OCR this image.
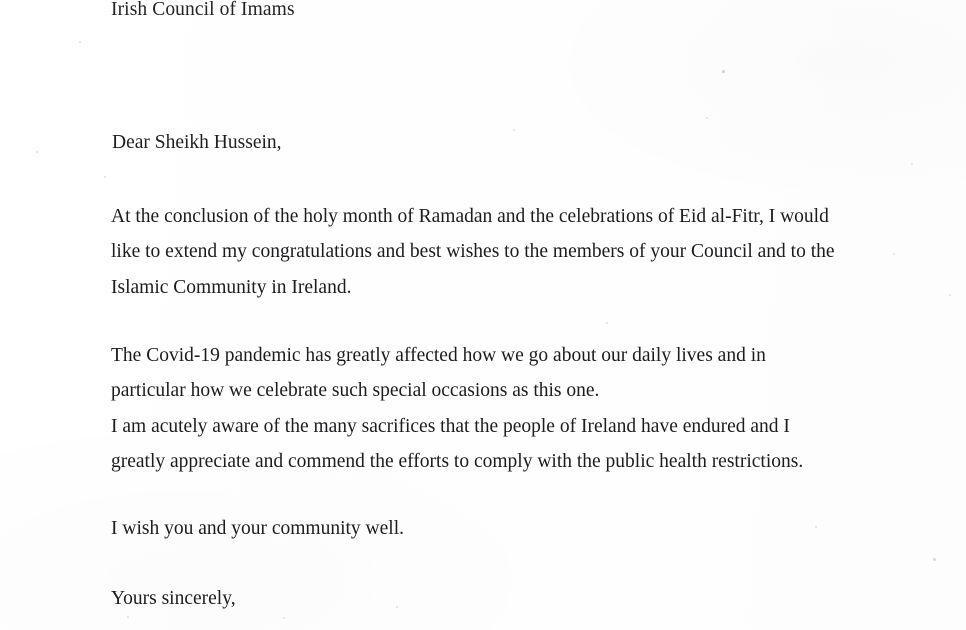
Irish Council of Imams
Dear Sheikh Hussein,

At the conclusion of the holy month of Ramadan and the celebrations of Eid al-Fitr, I would

like to extend my congratulations and best wishes to the members of your Council and to the

Islamic Community in Ireland.

The Covid-19 pandemic has greatly affected how we go about our daily lives and in

particular how we celebrate such special occasions as this one.

I am acutely aware of the many sacrifices that the people of Ireland have endured and I

greatly appreciate and commend the efforts to comply with the public health restrictions.

I wish you and your community well.

Yours sincerely,
